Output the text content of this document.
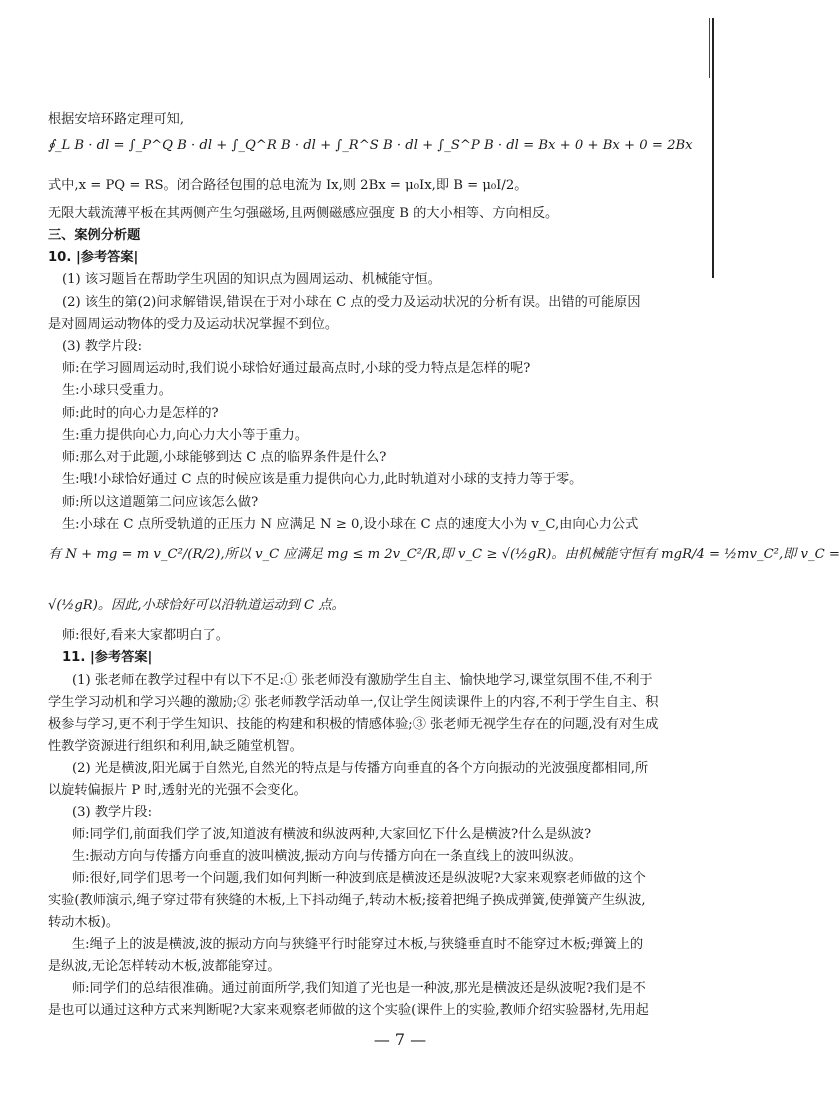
根据安培环路定理可知,
∮_L B · dl = ∫_P^Q B · dl + ∫_Q^R B · dl + ∫_R^S B · dl + ∫_S^P B · dl = Bx + 0 + Bx + 0 = 2Bx
式中,x = PQ = RS。闭合路径包围的总电流为 Ix,则 2Bx = μ₀Ix,即 B = μ₀I/2。
无限大载流薄平板在其两侧产生匀强磁场,且两侧磁感应强度 B 的大小相等、方向相反。
三、案例分析题
10. |参考答案|
(1) 该习题旨在帮助学生巩固的知识点为圆周运动、机械能守恒。
(2) 该生的第(2)问求解错误,错误在于对小球在 C 点的受力及运动状况的分析有误。出错的可能原因
是对圆周运动物体的受力及运动状况掌握不到位。
(3) 教学片段:
师:在学习圆周运动时,我们说小球恰好通过最高点时,小球的受力特点是怎样的呢?
生:小球只受重力。
师:此时的向心力是怎样的?
生:重力提供向心力,向心力大小等于重力。
师:那么对于此题,小球能够到达 C 点的临界条件是什么?
生:哦!小球恰好通过 C 点的时候应该是重力提供向心力,此时轨道对小球的支持力等于零。
师:所以这道题第二问应该怎么做?
生:小球在 C 点所受轨道的正压力 N 应满足 N ≥ 0,设小球在 C 点的速度大小为 v_C,由向心力公式
有 N + mg = m v_C²/(R/2),所以 v_C 应满足 mg ≤ m 2v_C²/R,即 v_C ≥ √(½gR)。由机械能守恒有 mgR/4 = ½mv_C²,即 v_C =
√(½gR)。因此,小球恰好可以沿轨道运动到 C 点。
师:很好,看来大家都明白了。
11. |参考答案|
(1) 张老师在教学过程中有以下不足:① 张老师没有激励学生自主、愉快地学习,课堂氛围不佳,不利于
学生学习动机和学习兴趣的激励;② 张老师教学活动单一,仅让学生阅读课件上的内容,不利于学生自主、积
极参与学习,更不利于学生知识、技能的构建和积极的情感体验;③ 张老师无视学生存在的问题,没有对生成
性教学资源进行组织和利用,缺乏随堂机智。
(2) 光是横波,阳光属于自然光,自然光的特点是与传播方向垂直的各个方向振动的光波强度都相同,所
以旋转偏振片 P 时,透射光的光强不会变化。
(3) 教学片段:
师:同学们,前面我们学了波,知道波有横波和纵波两种,大家回忆下什么是横波?什么是纵波?
生:振动方向与传播方向垂直的波叫横波,振动方向与传播方向在一条直线上的波叫纵波。
师:很好,同学们思考一个问题,我们如何判断一种波到底是横波还是纵波呢?大家来观察老师做的这个
实验(教师演示,绳子穿过带有狭缝的木板,上下抖动绳子,转动木板;接着把绳子换成弹簧,使弹簧产生纵波,
转动木板)。
生:绳子上的波是横波,波的振动方向与狭缝平行时能穿过木板,与狭缝垂直时不能穿过木板;弹簧上的
是纵波,无论怎样转动木板,波都能穿过。
师:同学们的总结很准确。通过前面所学,我们知道了光也是一种波,那光是横波还是纵波呢?我们是不
是也可以通过这种方式来判断呢?大家来观察老师做的这个实验(课件上的实验,教师介绍实验器材,先用起
— 7 —
